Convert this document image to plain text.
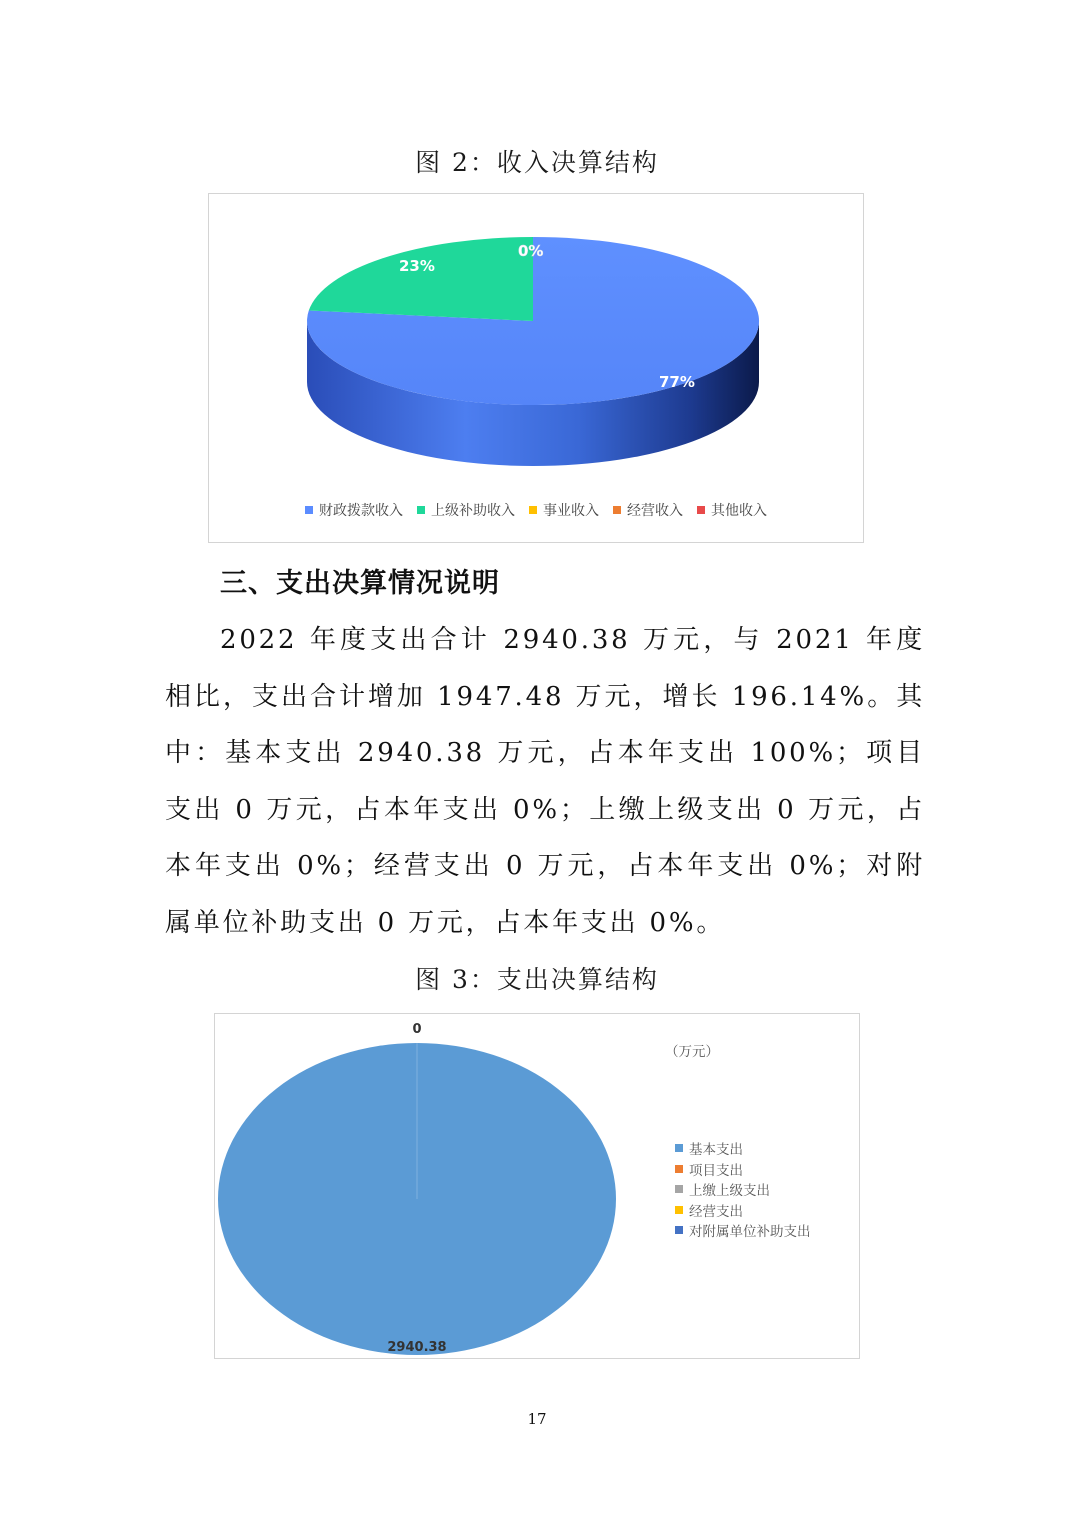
图 2：收入决算结构
77%
23%
0%
财政拨款收入 上级补助收入 事业收入 经营收入 其他收入
三、支出决算情况说明
2022 年度支出合计 2940.38 万元，与 2021 年度相比，支出合计增加 1947.48 万元，增长 196.14%。其中：基本支出 2940.38 万元，占本年支出 100%；项目支出 0 万元，占本年支出 0%；上缴上级支出 0 万元，占本年支出 0%；经营支出 0 万元，占本年支出 0%；对附属单位补助支出 0 万元，占本年支出 0%。
图 3：支出决算结构
0
2940.38
（万元）
基本支出
项目支出
上缴上级支出
经营支出
对附属单位补助支出
17
